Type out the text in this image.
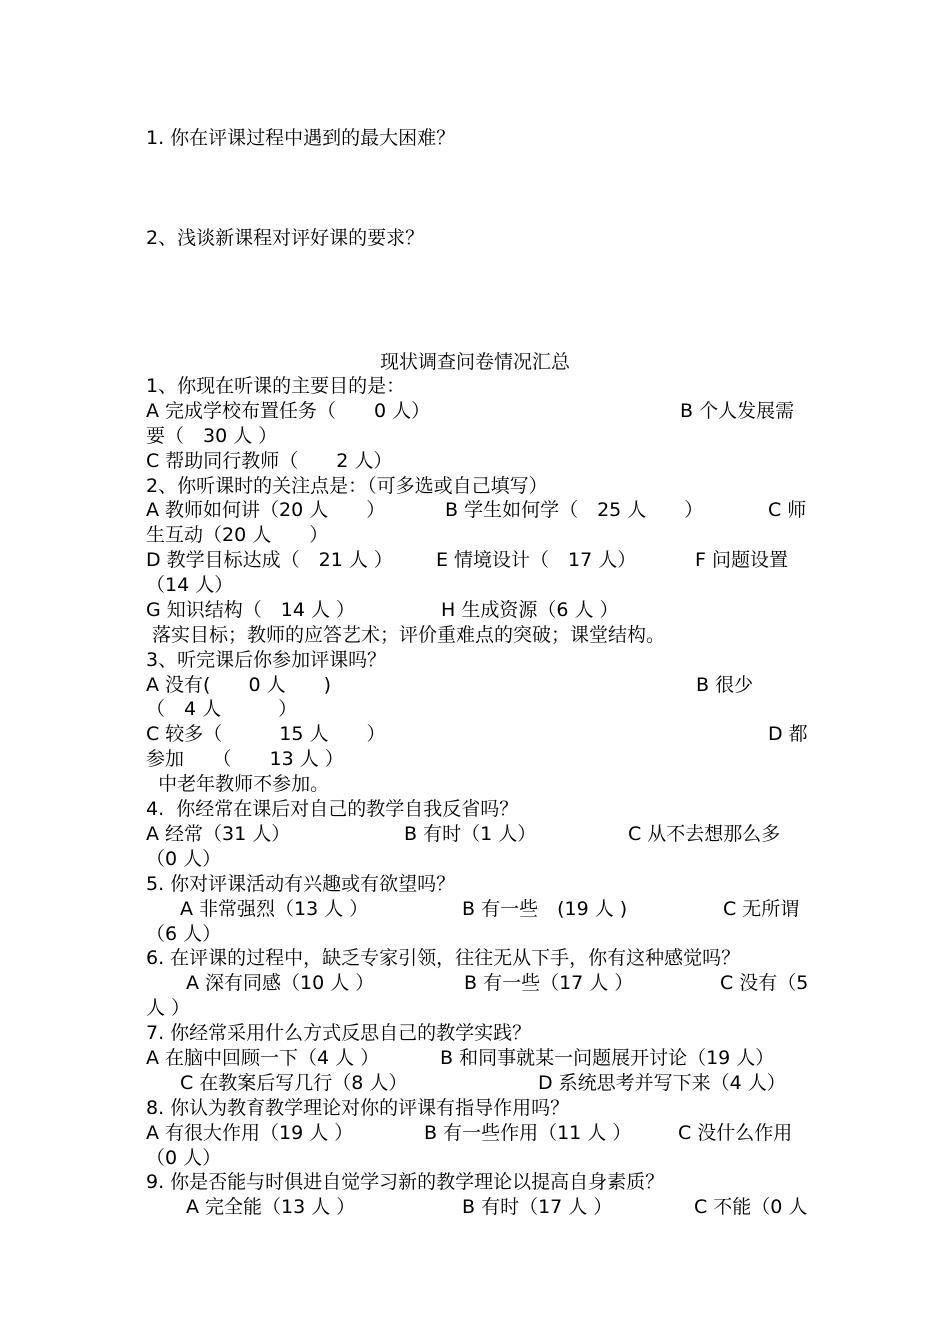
1. 你在评课过程中遇到的最大困难？
2、浅谈新课程对评好课的要求？
现状调查问卷情况汇总
1、你现在听课的主要目的是：
A 完成学校布置任务（　　0 人）	B 个人发展需
要（　30 人 ）
C 帮助同行教师（　　2 人）
2、你听课时的关注点是：（可多选或自己填写）
A 教师如何讲（20 人　　）	B 学生如何学（　25 人　　）	C 师
生互动（20 人　　）
D 教学目标达成（　21 人 ） E 情境设计（　17 人）	F 问题设置
（14 人）
G 知识结构（　14 人 ）	H 生成资源（6 人 ）
落实目标；教师的应答艺术；评价重难点的突破；课堂结构。
3、听完课后你参加评课吗？
A 没有(　　0 人　　)	B 很少
（　4 人　　　）
C 较多（　　　15 人　　）	D 都
参加　　（　　13 人 ）
中老年教师不参加。
4.  你经常在课后对自己的教学自我反省吗？
A 经常（31 人）	B 有时（1 人）	C 从不去想那么多
（0 人）
5. 你对评课活动有兴趣或有欲望吗？
A 非常强烈（13 人 ）	B 有一些　(19 人 )	C 无所谓
（6 人）
6. 在评课的过程中，缺乏专家引领，往往无从下手，你有这种感觉吗？
A 深有同感（10 人 ）	B 有一些（17 人 ）	C 没有（5
人 ）
7. 你经常采用什么方式反思自己的教学实践？
A 在脑中回顾一下（4 人 ）	B 和同事就某一问题展开讨论（19 人）
C 在教案后写几行（8 人）	D 系统思考并写下来（4 人）
8. 你认为教育教学理论对你的评课有指导作用吗？
A 有很大作用（19 人 ）	B 有一些作用（11 人 ） C 没什么作用
（0 人）
9. 你是否能与时俱进自觉学习新的教学理论以提高自身素质？
A 完全能（13 人 ）	B 有时（17 人 ）	C 不能（0 人
